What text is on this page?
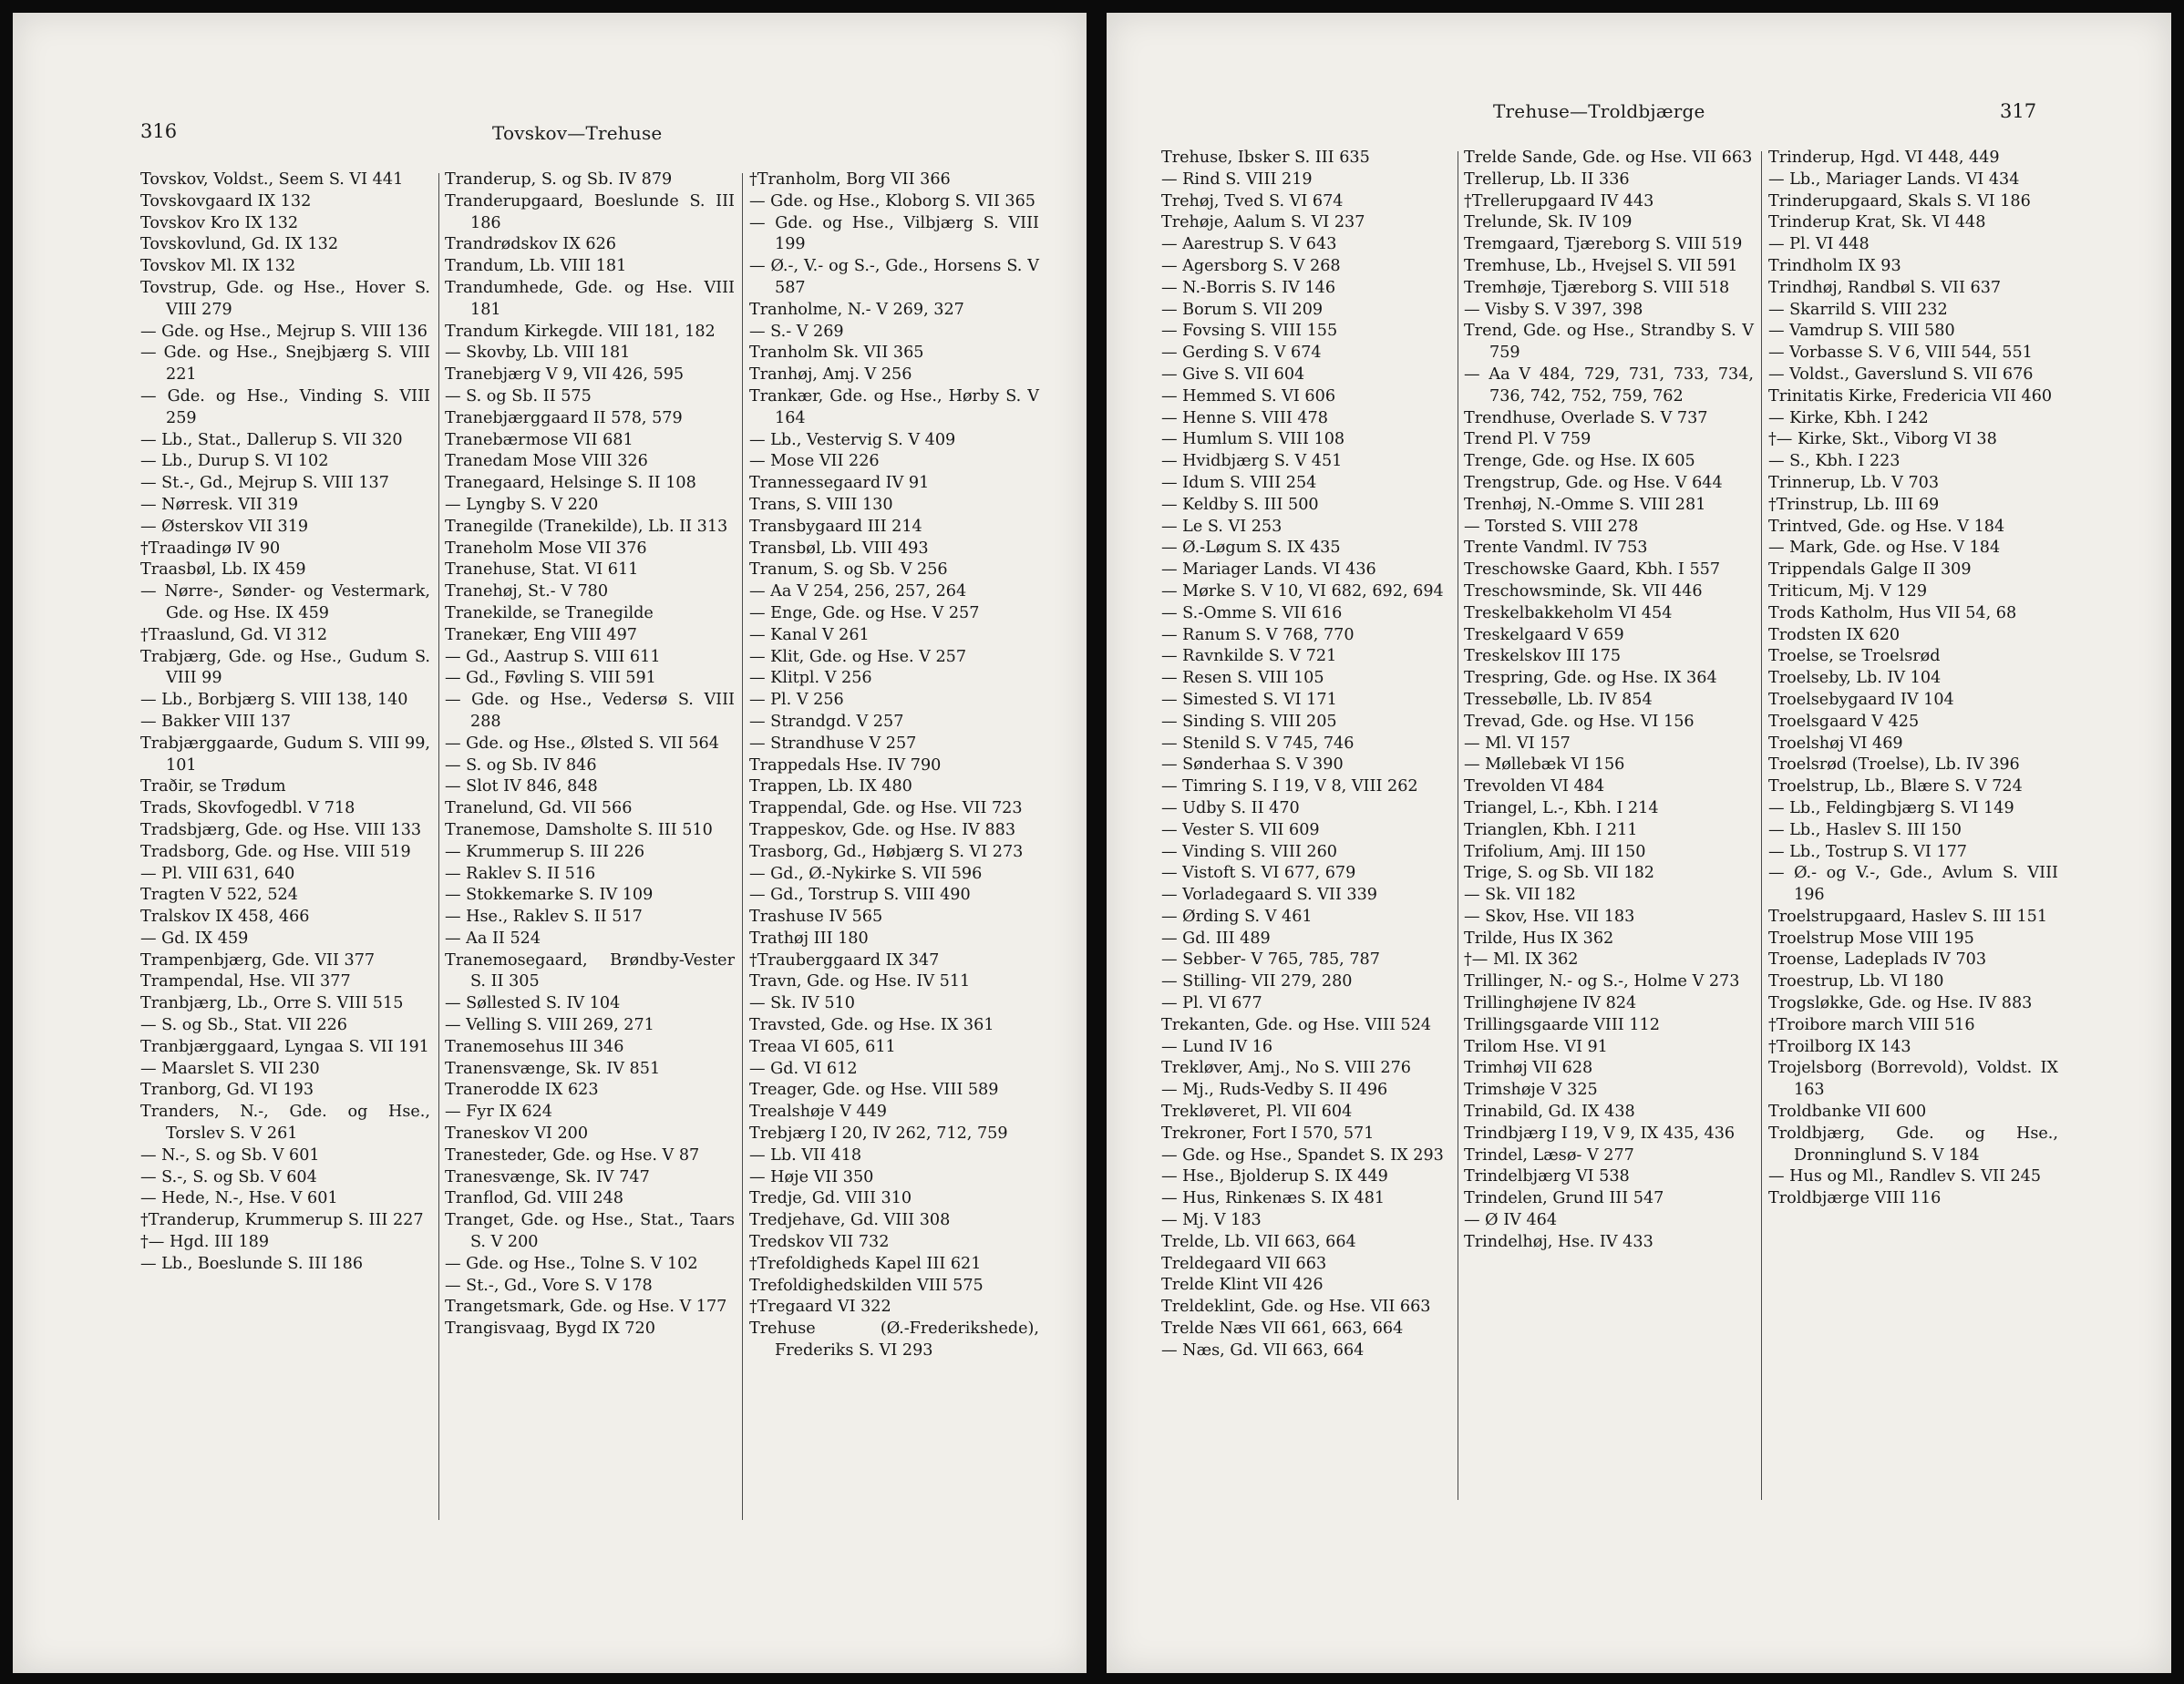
316	Tovskov—Trehuse
Tovskov, Voldst., Seem S. VI 441
Tovskovgaard IX 132
Tovskov Kro IX 132
Tovskovlund, Gd. IX 132
Tovskov Ml. IX 132
Tovstrup, Gde. og Hse., Hover S. VIII 279
— Gde. og Hse., Mejrup S. VIII 136
— Gde. og Hse., Snejbjærg S. VIII 221
— Gde. og Hse., Vinding S. VIII 259
— Lb., Stat., Dallerup S. VII 320
— Lb., Durup S. VI 102
— St.-, Gd., Mejrup S. VIII 137
— Nørresk. VII 319
— Østerskov VII 319
†Traadingø IV 90
Traasbøl, Lb. IX 459
— Nørre-, Sønder- og Vestermark, Gde. og Hse. IX 459
†Traaslund, Gd. VI 312
Trabjærg, Gde. og Hse., Gudum S. VIII 99
— Lb., Borbjærg S. VIII 138, 140
— Bakker VIII 137
Trabjærggaarde, Gudum S. VIII 99, 101
Traðir, se Trødum
Trads, Skovfogedbl. V 718
Tradsbjærg, Gde. og Hse. VIII 133
Tradsborg, Gde. og Hse. VIII 519
— Pl. VIII 631, 640
Tragten V 522, 524
Tralskov IX 458, 466
— Gd. IX 459
Trampenbjærg, Gde. VII 377
Trampendal, Hse. VII 377
Tranbjærg, Lb., Orre S. VIII 515
— S. og Sb., Stat. VII 226
Tranbjærggaard, Lyngaa S. VII 191
— Maarslet S. VII 230
Tranborg, Gd. VI 193
Tranders, N.-, Gde. og Hse., Torslev S. V 261
— N.-, S. og Sb. V 601
— S.-, S. og Sb. V 604
— Hede, N.-, Hse. V 601
†Tranderup, Krummerup S. III 227
†— Hgd. III 189
— Lb., Boeslunde S. III 186
Tranderup, S. og Sb. IV 879
Tranderupgaard, Boeslunde S. III 186
Trandrødskov IX 626
Trandum, Lb. VIII 181
Trandumhede, Gde. og Hse. VIII 181
Trandum Kirkegde. VIII 181, 182
— Skovby, Lb. VIII 181
Tranebjærg V 9, VII 426, 595
— S. og Sb. II 575
Tranebjærggaard II 578, 579
Tranebærmose VII 681
Tranedam Mose VIII 326
Tranegaard, Helsinge S. II 108
— Lyngby S. V 220
Tranegilde (Tranekilde), Lb. II 313
Traneholm Mose VII 376
Tranehuse, Stat. VI 611
Tranehøj, St.- V 780
Tranekilde, se Tranegilde
Tranekær, Eng VIII 497
— Gd., Aastrup S. VIII 611
— Gd., Føvling S. VIII 591
— Gde. og Hse., Vedersø S. VIII 288
— Gde. og Hse., Ølsted S. VII 564
— S. og Sb. IV 846
— Slot IV 846, 848
Tranelund, Gd. VII 566
Tranemose, Damsholte S. III 510
— Krummerup S. III 226
— Raklev S. II 516
— Stokkemarke S. IV 109
— Hse., Raklev S. II 517
— Aa II 524
Tranemosegaard, Brøndby-Vester S. II 305
— Søllested S. IV 104
— Velling S. VIII 269, 271
Tranemosehus III 346
Tranensvænge, Sk. IV 851
Tranerodde IX 623
— Fyr IX 624
Traneskov VI 200
Tranesteder, Gde. og Hse. V 87
Tranesvænge, Sk. IV 747
Tranflod, Gd. VIII 248
Tranget, Gde. og Hse., Stat., Taars S. V 200
— Gde. og Hse., Tolne S. V 102
— St.-, Gd., Vore S. V 178
Trangetsmark, Gde. og Hse. V 177
Trangisvaag, Bygd IX 720
†Tranholm, Borg VII 366
— Gde. og Hse., Kloborg S. VII 365
— Gde. og Hse., Vilbjærg S. VIII 199
— Ø.-, V.- og S.-, Gde., Horsens S. V 587
Tranholme, N.- V 269, 327
— S.- V 269
Tranholm Sk. VII 365
Tranhøj, Amj. V 256
Trankær, Gde. og Hse., Hørby S. V 164
— Lb., Vestervig S. V 409
— Mose VII 226
Trannessegaard IV 91
Trans, S. VIII 130
Transbygaard III 214
Transbøl, Lb. VIII 493
Tranum, S. og Sb. V 256
— Aa V 254, 256, 257, 264
— Enge, Gde. og Hse. V 257
— Kanal V 261
— Klit, Gde. og Hse. V 257
— Klitpl. V 256
— Pl. V 256
— Strandgd. V 257
— Strandhuse V 257
Trappedals Hse. IV 790
Trappen, Lb. IX 480
Trappendal, Gde. og Hse. VII 723
Trappeskov, Gde. og Hse. IV 883
Trasborg, Gd., Høbjærg S. VI 273
— Gd., Ø.-Nykirke S. VII 596
— Gd., Torstrup S. VIII 490
Trashuse IV 565
Trathøj III 180
†Trauberggaard IX 347
Travn, Gde. og Hse. IV 511
— Sk. IV 510
Travsted, Gde. og Hse. IX 361
Treaa VI 605, 611
— Gd. VI 612
Treager, Gde. og Hse. VIII 589
Trealshøje V 449
Trebjærg I 20, IV 262, 712, 759
— Lb. VII 418
— Høje VII 350
Tredje, Gd. VIII 310
Tredjehave, Gd. VIII 308
Tredskov VII 732
†Trefoldigheds Kapel III 621
Trefoldighedskilden VIII 575
†Tregaard VI 322
Trehuse (Ø.-Frederikshede), Frederiks S. VI 293
Trehuse—Troldbjærge	317
Trehuse, Ibsker S. III 635
— Rind S. VIII 219
Trehøj, Tved S. VI 674
Trehøje, Aalum S. VI 237
— Aarestrup S. V 643
— Agersborg S. V 268
— N.-Borris S. IV 146
— Borum S. VII 209
— Fovsing S. VIII 155
— Gerding S. V 674
— Give S. VII 604
— Hemmed S. VI 606
— Henne S. VIII 478
— Humlum S. VIII 108
— Hvidbjærg S. V 451
— Idum S. VIII 254
— Keldby S. III 500
— Le S. VI 253
— Ø.-Løgum S. IX 435
— Mariager Lands. VI 436
— Mørke S. V 10, VI 682, 692, 694
— S.-Omme S. VII 616
— Ranum S. V 768, 770
— Ravnkilde S. V 721
— Resen S. VIII 105
— Simested S. VI 171
— Sinding S. VIII 205
— Stenild S. V 745, 746
— Sønderhaa S. V 390
— Timring S. I 19, V 8, VIII 262
— Udby S. II 470
— Vester S. VII 609
— Vinding S. VIII 260
— Vistoft S. VI 677, 679
— Vorladegaard S. VII 339
— Ørding S. V 461
— Gd. III 489
— Sebber- V 765, 785, 787
— Stilling- VII 279, 280
— Pl. VI 677
Trekanten, Gde. og Hse. VIII 524
— Lund IV 16
Trekløver, Amj., No S. VIII 276
— Mj., Ruds-Vedby S. II 496
Trekløveret, Pl. VII 604
Trekroner, Fort I 570, 571
— Gde. og Hse., Spandet S. IX 293
— Hse., Bjolderup S. IX 449
— Hus, Rinkenæs S. IX 481
— Mj. V 183
Trelde, Lb. VII 663, 664
Treldegaard VII 663
Trelde Klint VII 426
Treldeklint, Gde. og Hse. VII 663
Trelde Næs VII 661, 663, 664
— Næs, Gd. VII 663, 664
Trelde Sande, Gde. og Hse. VII 663
Trellerup, Lb. II 336
†Trellerupgaard IV 443
Trelunde, Sk. IV 109
Tremgaard, Tjæreborg S. VIII 519
Tremhuse, Lb., Hvejsel S. VII 591
Tremhøje, Tjæreborg S. VIII 518
— Visby S. V 397, 398
Trend, Gde. og Hse., Strandby S. V 759
— Aa V 484, 729, 731, 733, 734, 736, 742, 752, 759, 762
Trendhuse, Overlade S. V 737
Trend Pl. V 759
Trenge, Gde. og Hse. IX 605
Trengstrup, Gde. og Hse. V 644
Trenhøj, N.-Omme S. VIII 281
— Torsted S. VIII 278
Trente Vandml. IV 753
Treschowske Gaard, Kbh. I 557
Treschowsminde, Sk. VII 446
Treskelbakkeholm VI 454
Treskelgaard V 659
Treskelskov III 175
Trespring, Gde. og Hse. IX 364
Tressebølle, Lb. IV 854
Trevad, Gde. og Hse. VI 156
— Ml. VI 157
— Møllebæk VI 156
Trevolden VI 484
Triangel, L.-, Kbh. I 214
Trianglen, Kbh. I 211
Trifolium, Amj. III 150
Trige, S. og Sb. VII 182
— Sk. VII 182
— Skov, Hse. VII 183
Trilde, Hus IX 362
†— Ml. IX 362
Trillinger, N.- og S.-, Holme V 273
Trillinghøjene IV 824
Trillingsgaarde VIII 112
Trilom Hse. VI 91
Trimhøj VII 628
Trimshøje V 325
Trinabild, Gd. IX 438
Trindbjærg I 19, V 9, IX 435, 436
Trindel, Læsø- V 277
Trindelbjærg VI 538
Trindelen, Grund III 547
— Ø IV 464
Trindelhøj, Hse. IV 433
Trinderup, Hgd. VI 448, 449
— Lb., Mariager Lands. VI 434
Trinderupgaard, Skals S. VI 186
Trinderup Krat, Sk. VI 448
— Pl. VI 448
Trindholm IX 93
Trindhøj, Randbøl S. VII 637
— Skarrild S. VIII 232
— Vamdrup S. VIII 580
— Vorbasse S. V 6, VIII 544, 551
— Voldst., Gaverslund S. VII 676
Trinitatis Kirke, Fredericia VII 460
— Kirke, Kbh. I 242
†— Kirke, Skt., Viborg VI 38
— S., Kbh. I 223
Trinnerup, Lb. V 703
†Trinstrup, Lb. III 69
Trintved, Gde. og Hse. V 184
— Mark, Gde. og Hse. V 184
Trippendals Galge II 309
Triticum, Mj. V 129
Trods Katholm, Hus VII 54, 68
Trodsten IX 620
Troelse, se Troelsrød
Troelseby, Lb. IV 104
Troelsebygaard IV 104
Troelsgaard V 425
Troelshøj VI 469
Troelsrød (Troelse), Lb. IV 396
Troelstrup, Lb., Blære S. V 724
— Lb., Feldingbjærg S. VI 149
— Lb., Haslev S. III 150
— Lb., Tostrup S. VI 177
— Ø.- og V.-, Gde., Avlum S. VIII 196
Troelstrupgaard, Haslev S. III 151
Troelstrup Mose VIII 195
Troense, Ladeplads IV 703
Troestrup, Lb. VI 180
Trogsløkke, Gde. og Hse. IV 883
†Troibore march VIII 516
†Troilborg IX 143
Trojelsborg (Borrevold), Voldst. IX 163
Troldbanke VII 600
Troldbjærg, Gde. og Hse., Dronninglund S. V 184
— Hus og Ml., Randlev S. VII 245
Troldbjærge VIII 116
